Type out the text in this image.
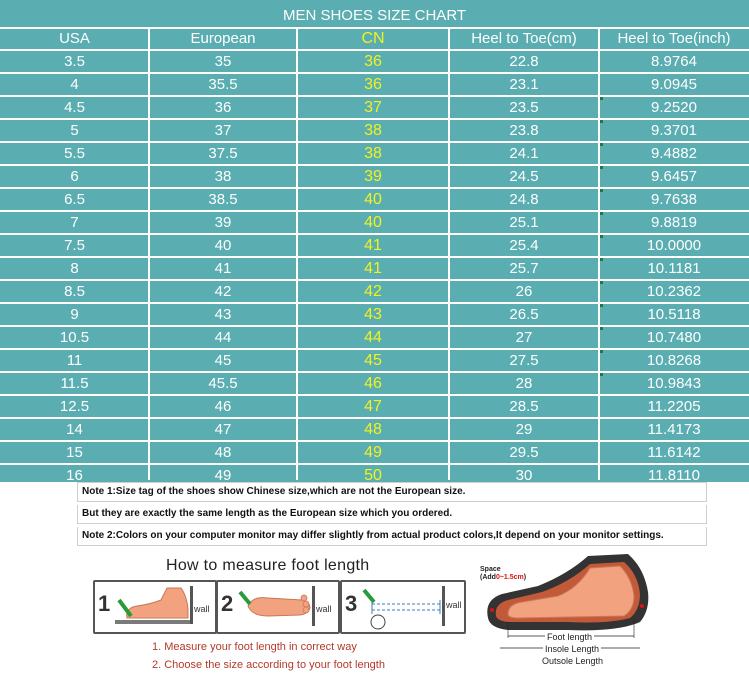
MEN SHOES SIZE CHART
USA	European	CN	Heel to Toe(cm)	Heel to Toe(inch)
3.5	35	36	22.8	8.9764
4	35.5	36	23.1	9.0945
4.5	36	37	23.5	9.2520
5	37	38	23.8	9.3701
5.5	37.5	38	24.1	9.4882
6	38	39	24.5	9.6457
6.5	38.5	40	24.8	9.7638
7	39	40	25.1	9.8819
7.5	40	41	25.4	10.0000
8	41	41	25.7	10.1181
8.5	42	42	26	10.2362
9	43	43	26.5	10.5118
10.5	44	44	27	10.7480
11	45	45	27.5	10.8268
11.5	45.5	46	28	10.9843
12.5	46	47	28.5	11.2205
14	47	48	29	11.4173
15	48	49	29.5	11.6142
16	49	50	30	11.8110
Note 1:Size tag of the shoes show Chinese size,which are not the European size.
But they are exactly the same length as the European size which you ordered.
Note 2:Colors on your computer monitor may differ slightly from actual product colors,It depend on your monitor settings.
How to measure foot length
1	wall 2	wall 3	wall
1. Measure your foot length in correct way
2. Choose the size according to your foot length
Space
(Add0~1.5cm)
Foot length
Insole Length
Outsole Length
